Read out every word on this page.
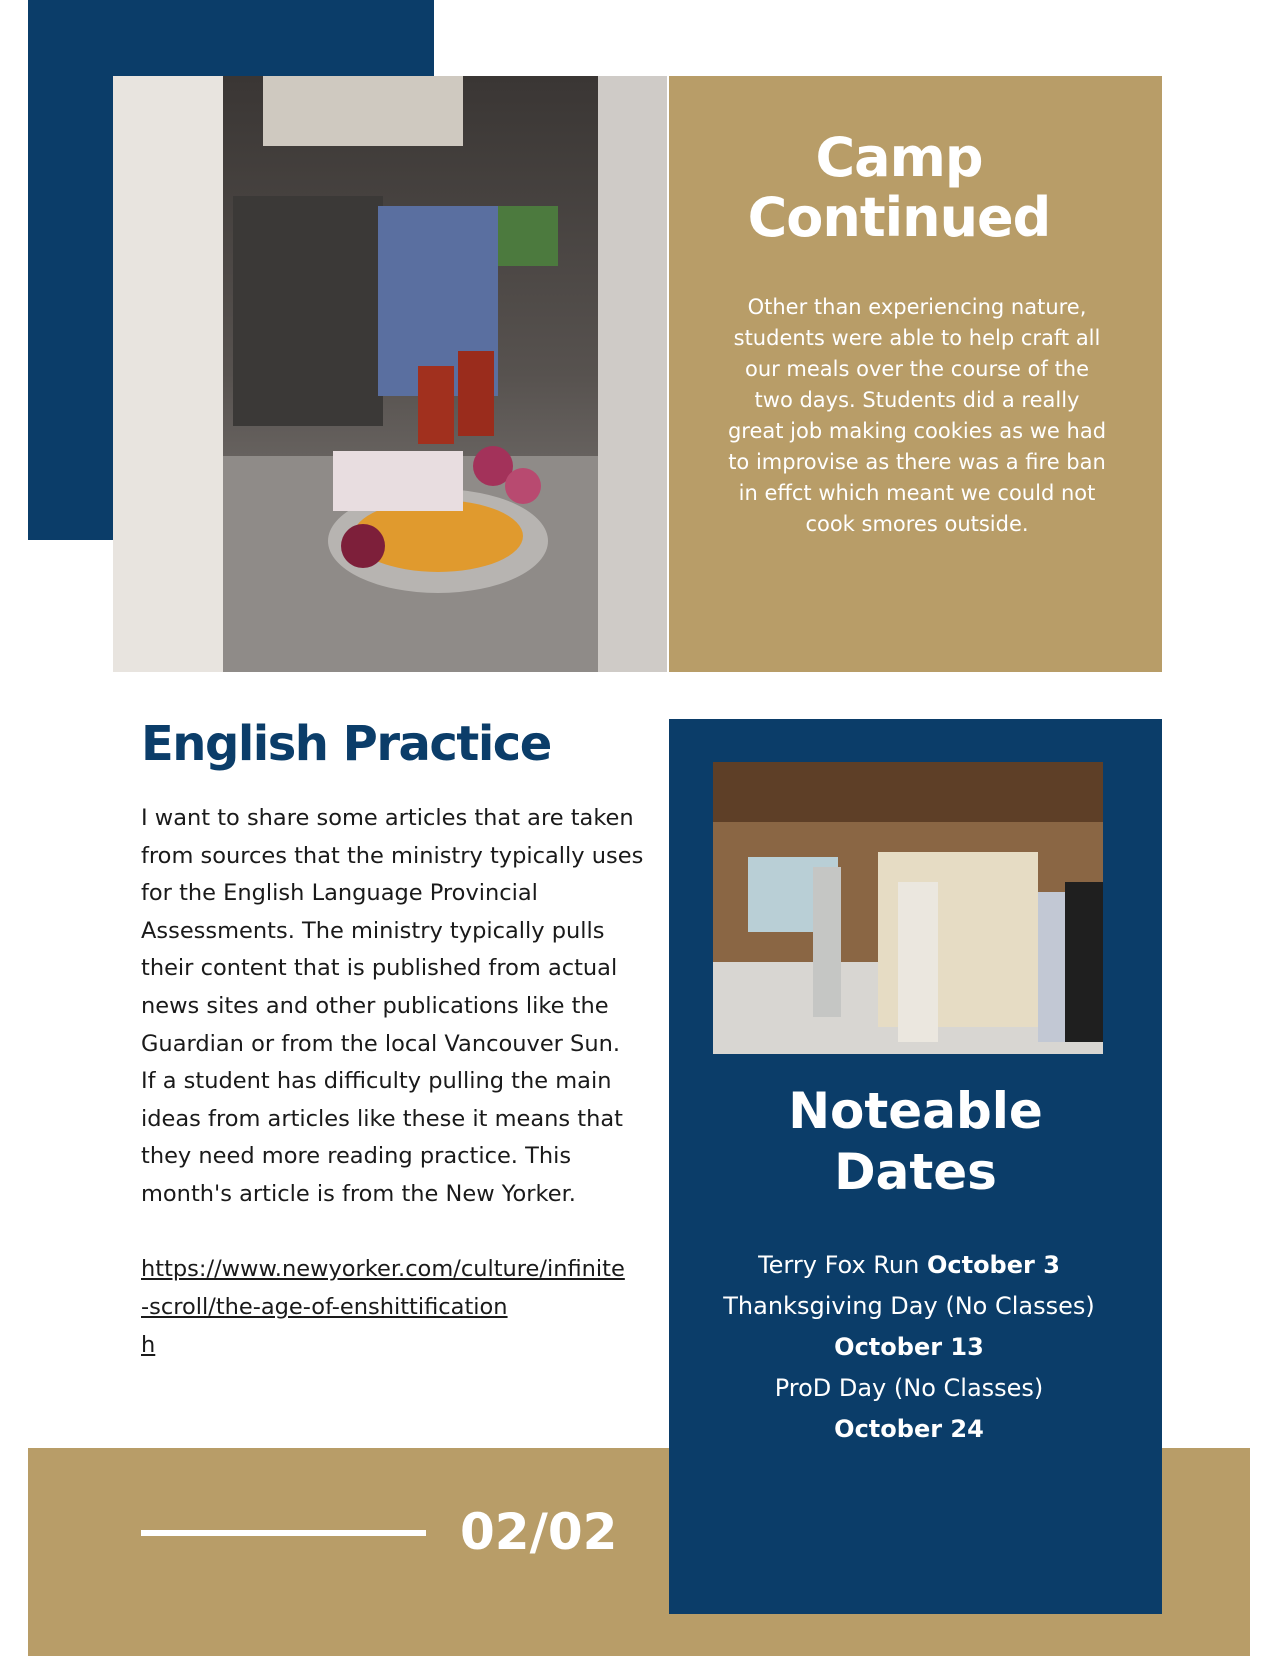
Camp
Continued
Other than experiencing nature, students were able to help craft all our meals over the course of the two days. Students did a really great job making cookies as we had to improvise as there was a fire ban in effct which meant we could not cook smores outside.
English Practice
I want to share some articles that are taken
from sources that the ministry typically uses
for the English Language Provincial
Assessments. The ministry typically pulls
their content that is published from actual
news sites and other publications like the
Guardian or from the local Vancouver Sun.
If a student has difficulty pulling the main
ideas from articles like these it means that
they need more reading practice. This
month's article is from the New Yorker.
https://www.newyorker.com/culture/infinite
-scroll/the-age-of-enshittification
h
Noteable
Dates
Terry Fox Run October 3
Thanksgiving Day (No Classes)
October 13
ProD Day (No Classes)
October 24
02/02
